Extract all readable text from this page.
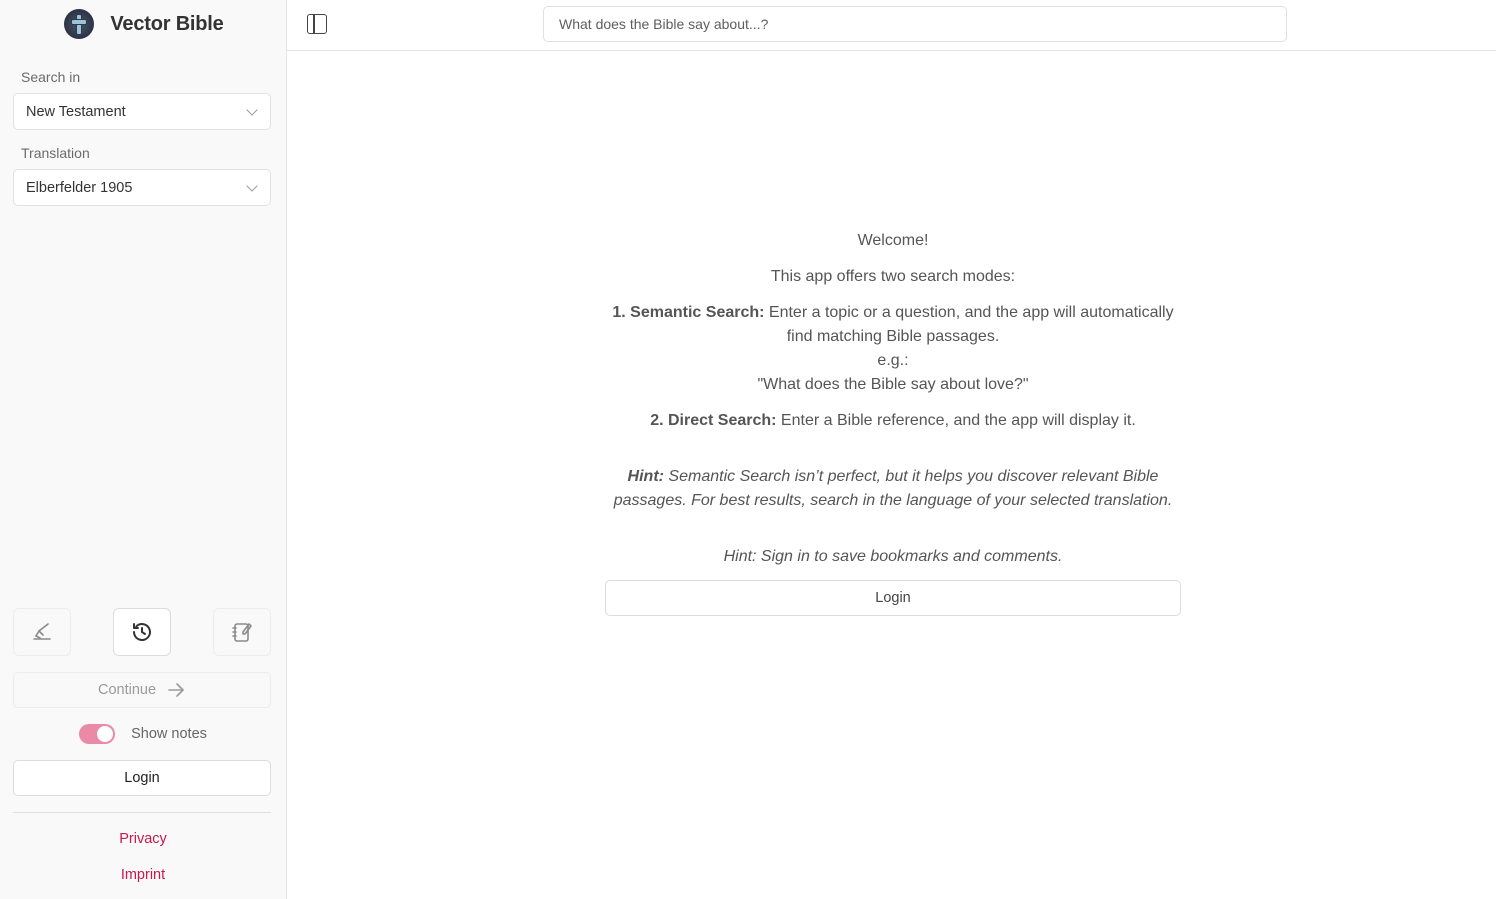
Vector Bible
Search in
New Testament
Translation
Elberfelder 1905
Continue
Show notes
Login
Privacy
Imprint
What does the Bible say about...?

Welcome!

This app offers two search modes:

1. Semantic Search: Enter a topic or a question, and the app will automatically find matching Bible passages.

e.g.:

"What does the Bible say about love?"

2. Direct Search: Enter a Bible reference, and the app will display it.

Hint: Semantic Search isn’t perfect, but it helps you discover relevant Bible passages. For best results, search in the language of your selected translation.

Hint: Sign in to save bookmarks and comments.

Login
